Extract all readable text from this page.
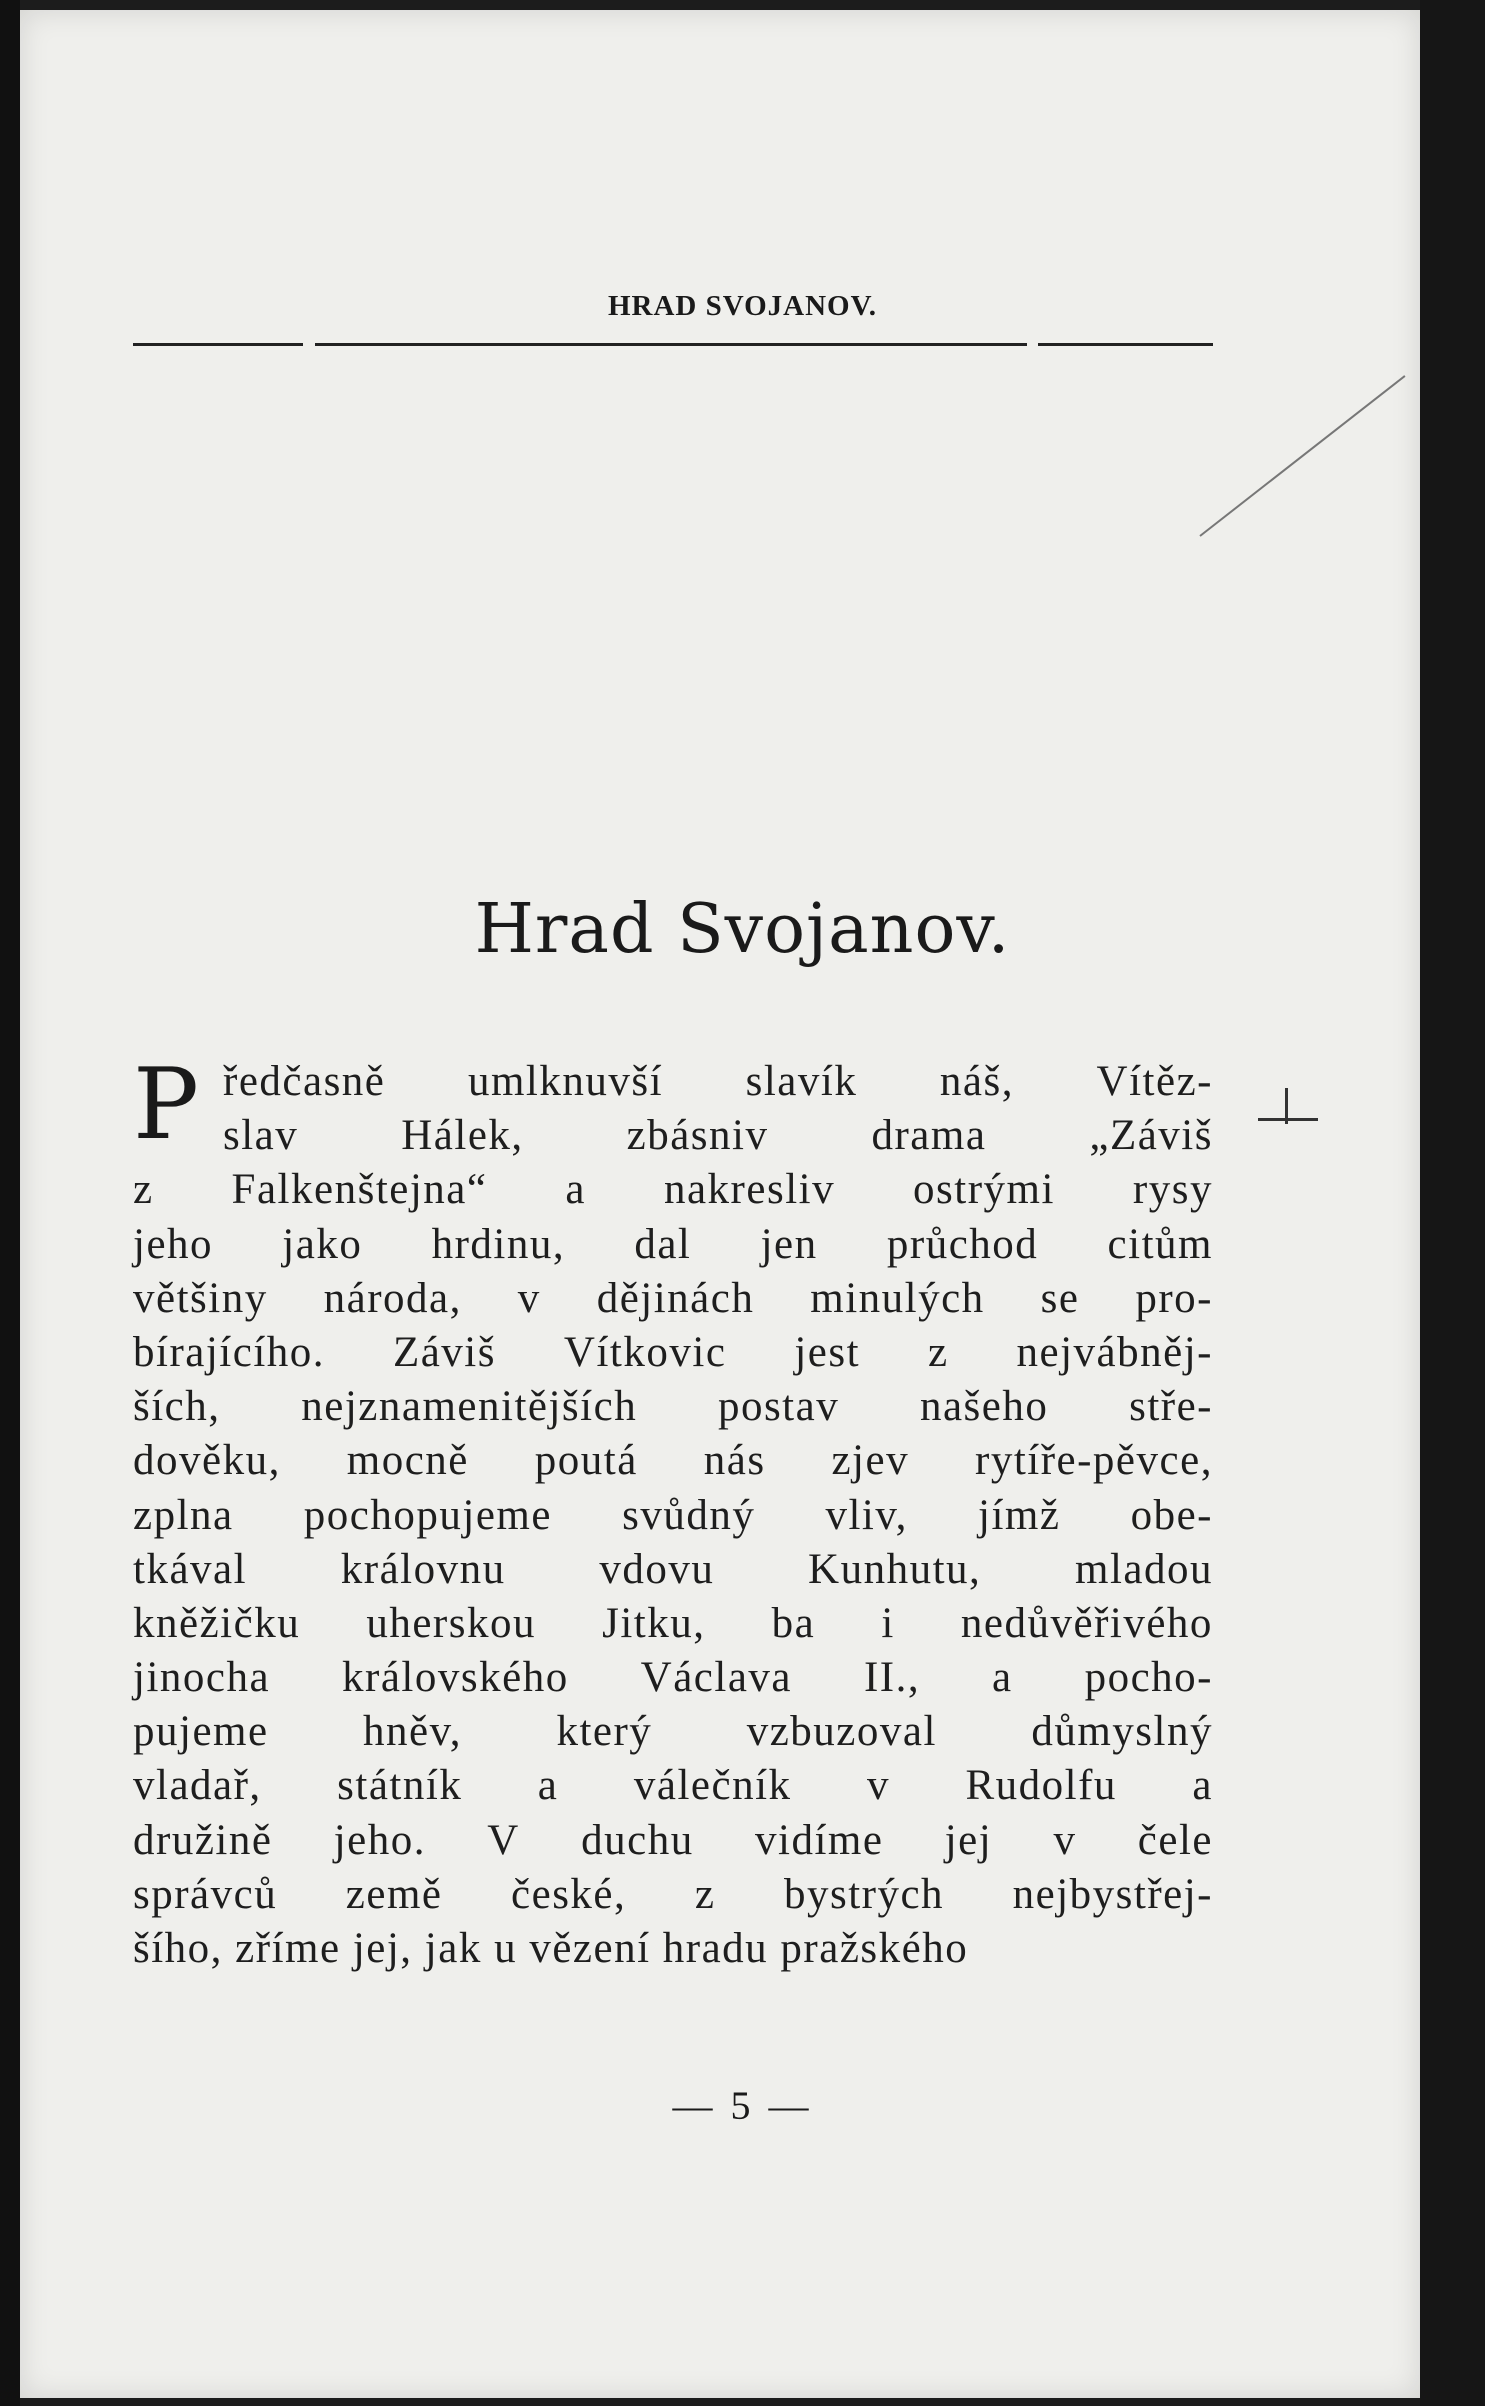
HRAD SVOJANOV.
Hrad Svojanov.
P ředčasně umlknuvší slavík náš, Vítěz-
slav Hálek, zbásniv drama „Záviš
z Falkenštejna“ a nakresliv ostrými rysy
jeho jako hrdinu, dal jen průchod citům
většiny národa, v dějinách minulých se pro-
bírajícího. Záviš Vítkovic jest z nejvábněj-
ších, nejznamenitějších postav našeho stře-
dověku, mocně poutá nás zjev rytíře-pěvce,
zplna pochopujeme svůdný vliv, jímž obe-
tkával královnu vdovu Kunhutu, mladou
kněžičku uherskou Jitku, ba i nedůvěřivého
jinocha královského Václava II., a pocho-
pujeme hněv, který vzbuzoval důmyslný
vladař, státník a válečník v Rudolfu a
družině jeho. V duchu vidíme jej v čele
správců země české, z bystrých nejbystřej-
šího, zříme jej, jak u vězení hradu pražského
— 5 —
